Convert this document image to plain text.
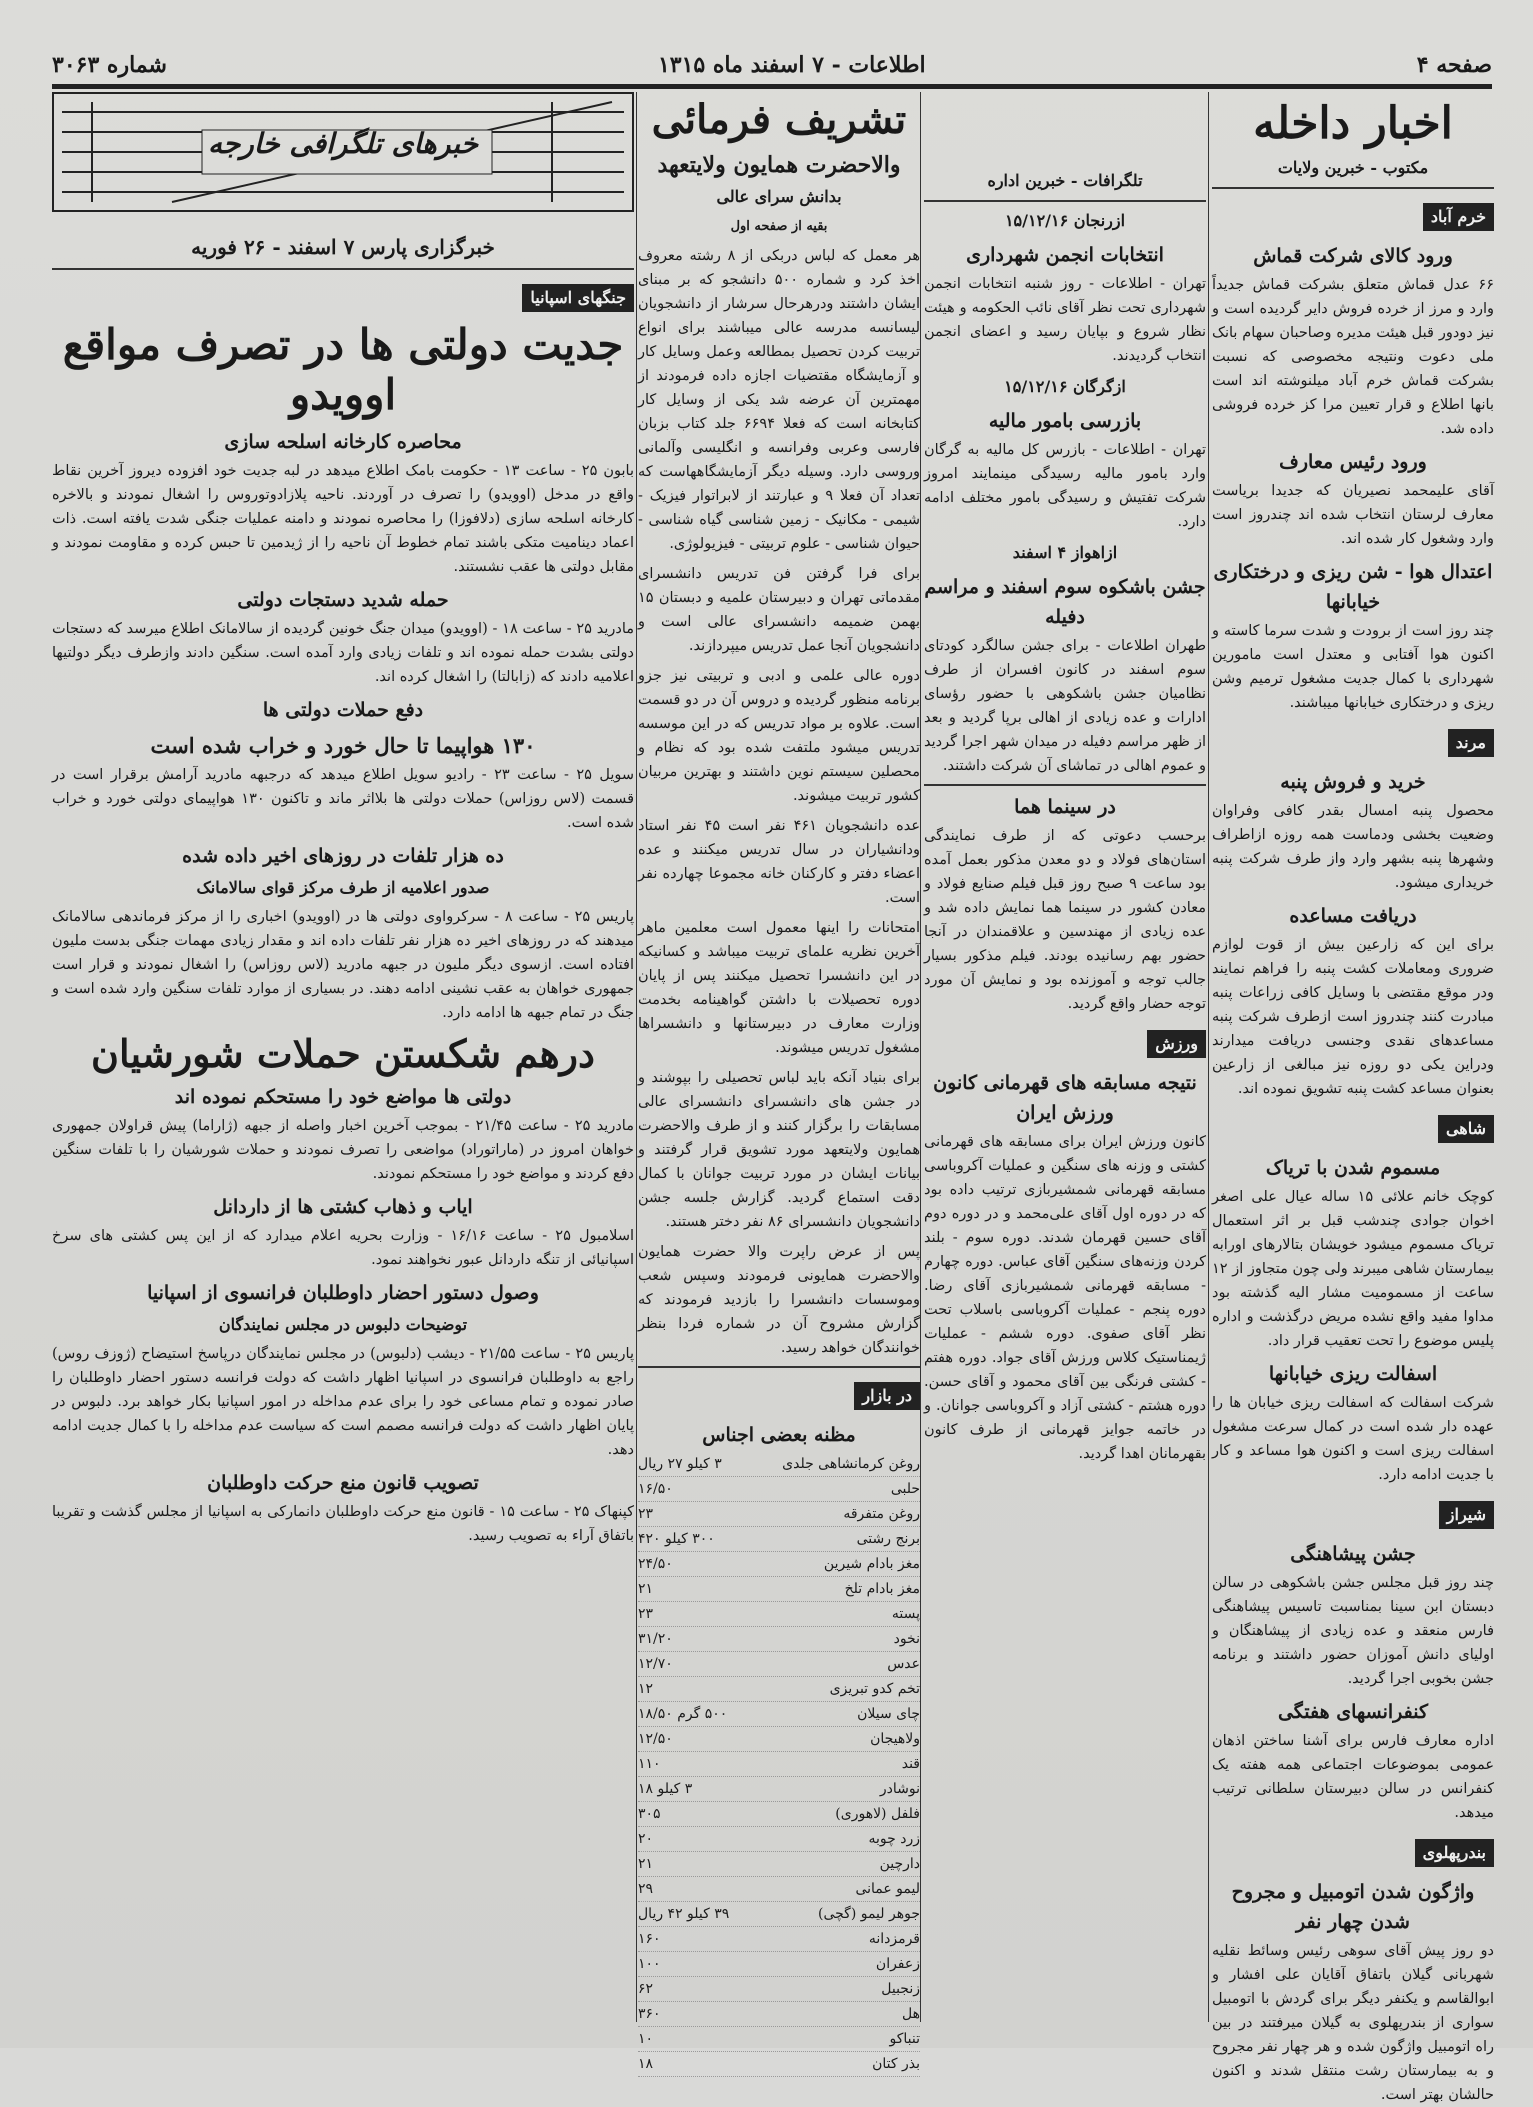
صفحه ۴
اطلاعات - ۷ اسفند ماه ۱۳۱۵
شماره ۳۰۶۳
اخبار داخله
مکتوب - خبرین ولایات
خرم آباد
ورود کالای شرکت قماش

۶۶ عدل قماش متعلق بشرکت قماش جدیداً وارد و مرز از خرده فروش دایر گردیده است و نیز دودور قبل هیئت مدیره وصاحبان سهام بانک ملی دعوت ونتیجه مخصوصی که نسبت بشرکت قماش خرم آباد میلنوشته اند است بانها اطلاع و قرار تعیین مرا کز خرده فروشی داده شد.

ورود رئیس معارف

آقای علیمحمد نصیریان که جدیدا بریاست معارف لرستان انتخاب شده اند چندروز است وارد وشغول کار شده اند.

اعتدال هوا - شن ریزی و درختکاری خیابانها

چند روز است از برودت و شدت سرما کاسته و اکنون هوا آفتابی و معتدل است مامورین شهرداری با کمال جدیت مشغول ترمیم وشن ریزی و درختکاری خیابانها میباشند.

مرند
خرید و فروش پنبه

محصول پنبه امسال بقدر کافی وفراوان وضعیت بخشی ودماست همه روزه ازاطراف وشهرها پنبه بشهر وارد واز طرف شرکت پنبه خریداری میشود.

دریافت مساعده

برای این که زارعین بیش از قوت لوازم ضروری ومعاملات کشت پنبه را فراهم نمایند ودر موقع مقتضی با وسایل کافی زراعات پنبه مبادرت کنند چندروز است ازطرف شرکت پنبه مساعدهای نقدی وجنسی دریافت میدارند ودراین یکی دو روزه نیز مبالغی از زارعین بعنوان مساعد کشت پنبه تشویق نموده اند.

شاهی
مسموم شدن با تریاک

کوچک خانم علائی ۱۵ ساله عیال علی اصغر اخوان جوادی چندشب قبل بر اثر استعمال تریاک مسموم میشود خویشان بتالارهای اورابه بیمارستان شاهی میبرند ولی چون متجاوز از ۱۲ ساعت از مسمومیت مشار الیه گذشته بود مداوا مفید واقع نشده مریض درگذشت و اداره پلیس موضوع را تحت تعقیب قرار داد.

اسفالت ریزی خیابانها

شرکت اسفالت که اسفالت ریزی خیابان ها را عهده دار شده است در کمال سرعت مشغول اسفالت ریزی است و اکنون هوا مساعد و کار با جدیت ادامه دارد.

شیراز
جشن پیشاهنگی

چند روز قبل مجلس جشن باشکوهی در سالن دبستان ابن سینا بمناسبت تاسیس پیشاهنگی فارس منعقد و عده زیادی از پیشاهنگان و اولیای دانش آموزان حضور داشتند و برنامه جشن بخوبی اجرا گردید.

کنفرانسهای هفتگی

اداره معارف فارس برای آشنا ساختن اذهان عمومی بموضوعات اجتماعی همه هفته یک کنفرانس در سالن دبیرستان سلطانی ترتیب میدهد.

بندرپهلوی
واژگون شدن اتومبیل و مجروح شدن چهار نفر

دو روز پیش آقای سوهی رئیس وسائط نقلیه شهربانی گیلان باتفاق آقایان علی افشار و ابوالقاسم و یکنفر دیگر برای گردش با اتومبیل سواری از بندرپهلوی به گیلان میرفتند در بین راه اتومبیل واژگون شده و هر چهار نفر مجروح و به بیمارستان رشت منتقل شدند و اکنون حالشان بهتر است.

تلگرافات - خبرین اداره
ازرنجان ۱۵/۱۲/۱۶
انتخابات انجمن شهرداری

تهران - اطلاعات - روز شنبه انتخابات انجمن شهرداری تحت نظر آقای نائب الحکومه و هیئت نظار شروع و بپایان رسید و اعضای انجمن انتخاب گردیدند.

ازگرگان ۱۵/۱۲/۱۶
بازرسی بامور مالیه

تهران - اطلاعات - بازرس کل مالیه به گرگان وارد بامور مالیه رسیدگی مینمایند امروز شرکت تفتیش و رسیدگی بامور مختلف ادامه دارد.

ازاهواز ۴ اسفند
جشن باشکوه سوم اسفند و مراسم دفیله

طهران اطلاعات - برای جشن سالگرد کودتای سوم اسفند در کانون افسران از طرف نظامیان جشن باشکوهی با حضور رؤسای ادارات و عده زیادی از اهالی برپا گردید و بعد از ظهر مراسم دفیله در میدان شهر اجرا گردید و عموم اهالی در تماشای آن شرکت داشتند.

در سینما هما

برحسب دعوتی که از طرف نمایندگی استان‌های فولاد و دو معدن مذکور بعمل آمده بود ساعت ۹ صبح روز قبل فیلم صنایع فولاد و معادن کشور در سینما هما نمایش داده شد و عده زیادی از مهندسین و علاقمندان در آنجا حضور بهم رسانیده بودند. فیلم مذکور بسیار جالب توجه و آموزنده بود و نمایش آن مورد توجه حضار واقع گردید.

ورزش
نتیجه مسابقه های قهرمانی کانون ورزش ایران

کانون ورزش ایران برای مسابقه های قهرمانی کشتی و وزنه های سنگین و عملیات آکروباسی مسابقه قهرمانی شمشیربازی ترتیب داده بود که در دوره اول آقای علی‌محمد و در دوره دوم آقای حسین قهرمان شدند. دوره سوم - بلند کردن وزنه‌های سنگین آقای عباس. دوره چهارم - مسابقه قهرمانی شمشیربازی آقای رضا. دوره پنجم - عملیات آکروباسی باسلاب تحت نظر آقای صفوی. دوره ششم - عملیات ژیمناستیک کلاس ورزش آقای جواد. دوره هفتم - کشتی فرنگی بین آقای محمود و آقای حسن. دوره هشتم - کشتی آزاد و آکروباسی جوانان. و در خاتمه جوایز قهرمانی از طرف کانون بقهرمانان اهدا گردید.

تشریف فرمائی
والاحضرت همایون ولایتعهد
بدانش سرای عالی
بقیه از صفحه اول

هر معمل که لباس دربکی از ۸ رشته معروف اخذ کرد و شماره ۵۰۰ دانشجو که بر مبنای ایشان داشتند ودرهرحال سرشار از دانشجویان لیسانسه مدرسه عالی میباشند برای انواع تربیت کردن تحصیل بمطالعه وعمل وسایل کار و آزمایشگاه مقتضیات اجازه داده فرمودند از مهمترین آن عرضه شد یکی از وسایل کار کتابخانه است که فعلا ۶۶۹۴ جلد کتاب بزبان فارسی وعربی وفرانسه و انگلیسی وآلمانی وروسی دارد. وسیله دیگر آزمایشگاههاست که تعداد آن فعلا ۹ و عبارتند از لابراتوار فیزیک - شیمی - مکانیک - زمین شناسی گیاه شناسی - حیوان شناسی - علوم تربیتی - فیزیولوژی.

برای فرا گرفتن فن تدریس دانشسرای مقدماتی تهران و دبیرستان علمیه و دبستان ۱۵ بهمن ضمیمه دانشسرای عالی است و دانشجویان آنجا عمل تدریس میپردازند.

دوره عالی علمی و ادبی و تربیتی نیز جزو برنامه منظور گردیده و دروس آن در دو قسمت است. علاوه بر مواد تدریس که در این موسسه تدریس میشود ملتفت شده بود که نظام و محصلین سیستم نوین داشتند و بهترین مربیان کشور تربیت میشوند.

عده دانشجویان ۴۶۱ نفر است ۴۵ نفر استاد ودانشیاران در سال تدریس میکنند و عده اعضاء دفتر و کارکنان خانه مجموعا چهارده نفر است.

امتحانات را اینها معمول است معلمین ماهر آخرین نظریه علمای تربیت میباشد و کسانیکه در این دانشسرا تحصیل میکنند پس از پایان دوره تحصیلات با داشتن گواهینامه بخدمت وزارت معارف در دبیرستانها و دانشسراها مشغول تدریس میشوند.

برای بنیاد آنکه باید لباس تحصیلی را بپوشند و در جشن های دانشسرای دانشسرای عالی مسابقات را برگزار کنند و از طرف والاحضرت همایون ولایتعهد مورد تشویق قرار گرفتند و بیانات ایشان در مورد تربیت جوانان با کمال دقت استماع گردید. گزارش جلسه جشن دانشجویان دانشسرای ۸۶ نفر دختر هستند.

پس از عرض راپرت والا حضرت همایون والاحضرت همایونی فرمودند وسپس شعب وموسسات دانشسرا را بازدید فرمودند که گزارش مشروح آن در شماره فردا بنظر خوانندگان خواهد رسید.

در بازار
مظنه بعضی اجناس
روغن کرمانشاهی جلدی
۳ کیلو ۲۷ ریال
حلبی
۱۶/۵۰
روغن متفرقه
۲۳
برنج رشتی
۳۰۰ کیلو ۴۲۰
مغز بادام شیرین
۲۴/۵۰
مغز بادام تلخ
۲۱
پسته
۲۳
نخود
۳۱/۲۰
عدس
۱۲/۷۰
تخم کدو تبریزی
۱۲
چای سیلان
۵۰۰ گرم ۱۸/۵۰
ولاهیجان
۱۲/۵۰
قند
۱۱۰
نوشادر
۳ کیلو ۱۸
فلفل (لاهوری)
۳۰۵
زرد چوبه
۲۰
دارچین
۲۱
لیمو عمانی
۲۹
جوهر لیمو (گچی)
۳۹ کیلو ۴۲ ریال
قرمزدانه
۱۶۰
زعفران
۱۰۰
زنجبیل
۶۲
هل
۳۶۰
تنباکو
۱۰
بذر کتان
۱۸
خبرهای تلگرافی خارجه
خبرگزاری پارس ۷ اسفند - ۲۶ فوریه
جنگهای اسپانیا
جدیت دولتی ها در تصرف مواقع اوویدو
محاصره کارخانه اسلحه سازی

بابون ۲۵ - ساعت ۱۳ - حکومت بامک اطلاع میدهد در لبه جدیت خود افزوده دیروز آخرین نقاط واقع در مدخل (اوویدو) را تصرف در آوردند. ناحیه پلازادوتوروس را اشغال نمودند و بالاخره کارخانه اسلحه سازی (دلافوزا) را محاصره نمودند و دامنه عملیات جنگی شدت یافته است. ذات اعماد دینامیت متکی باشند تمام خطوط آن ناحیه را از ژیدمین تا حبس کرده و مقاومت نمودند و مقابل دولتی ها عقب نشستند.

حمله شدید دستجات دولتی

مادرید ۲۵ - ساعت ۱۸ - (اوویدو) میدان جنگ خونین گردیده از سالامانک اطلاع میرسد که دستجات دولتی بشدت حمله نموده اند و تلفات زیادی وارد آمده است. سنگین دادند وازطرف دیگر دولتیها اعلامیه دادند که (زابالتا) را اشغال کرده اند.

دفع حملات دولتی ها
۱۳۰ هواپیما تا حال خورد و خراب شده است

سویل ۲۵ - ساعت ۲۳ - رادیو سویل اطلاع میدهد که درجبهه مادرید آرامش برقرار است در قسمت (لاس روزاس) حملات دولتی ها بلااثر ماند و تاکنون ۱۳۰ هواپیمای دولتی خورد و خراب شده است.

ده هزار تلفات در روزهای اخیر داده شده
صدور اعلامیه از طرف مرکز قوای سالامانک

پاریس ۲۵ - ساعت ۸ - سرکرواوی دولتی ها در (اوویدو) اخباری را از مرکز فرماندهی سالامانک میدهند که در روزهای اخیر ده هزار نفر تلفات داده اند و مقدار زیادی مهمات جنگی بدست ملیون افتاده است. ازسوی دیگر ملیون در جبهه مادرید (لاس روزاس) را اشغال نمودند و قرار است جمهوری خواهان به عقب نشینی ادامه دهند. در بسیاری از موارد تلفات سنگین وارد شده است و جنگ در تمام جبهه ها ادامه دارد.

درهم شکستن حملات شورشیان
دولتی ها مواضع خود را مستحکم نموده اند

مادرید ۲۵ - ساعت ۲۱/۴۵ - بموجب آخرین اخبار واصله از جبهه (ژاراما) پیش قراولان جمهوری خواهان امروز در (ماراتوراد) مواضعی را تصرف نمودند و حملات شورشیان را با تلفات سنگین دفع کردند و مواضع خود را مستحکم نمودند.

ایاب و ذهاب کشتی ها از داردانل

اسلامبول ۲۵ - ساعت ۱۶/۱۶ - وزارت بحریه اعلام میدارد که از این پس کشتی های سرخ اسپانیائی از تنگه داردانل عبور نخواهند نمود.

وصول دستور احضار داوطلبان فرانسوی از اسپانیا
توضیحات دلبوس در مجلس نمایندگان

پاریس ۲۵ - ساعت ۲۱/۵۵ - دیشب (دلبوس) در مجلس نمایندگان درپاسخ استیضاح (ژوزف روس) راجع به داوطلبان فرانسوی در اسپانیا اظهار داشت که دولت فرانسه دستور احضار داوطلبان را صادر نموده و تمام مساعی خود را برای عدم مداخله در امور اسپانیا بکار خواهد برد. دلبوس در پایان اظهار داشت که دولت فرانسه مصمم است که سیاست عدم مداخله را با کمال جدیت ادامه دهد.

تصویب قانون منع حرکت داوطلبان

کپنهاک ۲۵ - ساعت ۱۵ - قانون منع حرکت داوطلبان دانمارکی به اسپانیا از مجلس گذشت و تقریبا باتفاق آراء به تصویب رسید.
